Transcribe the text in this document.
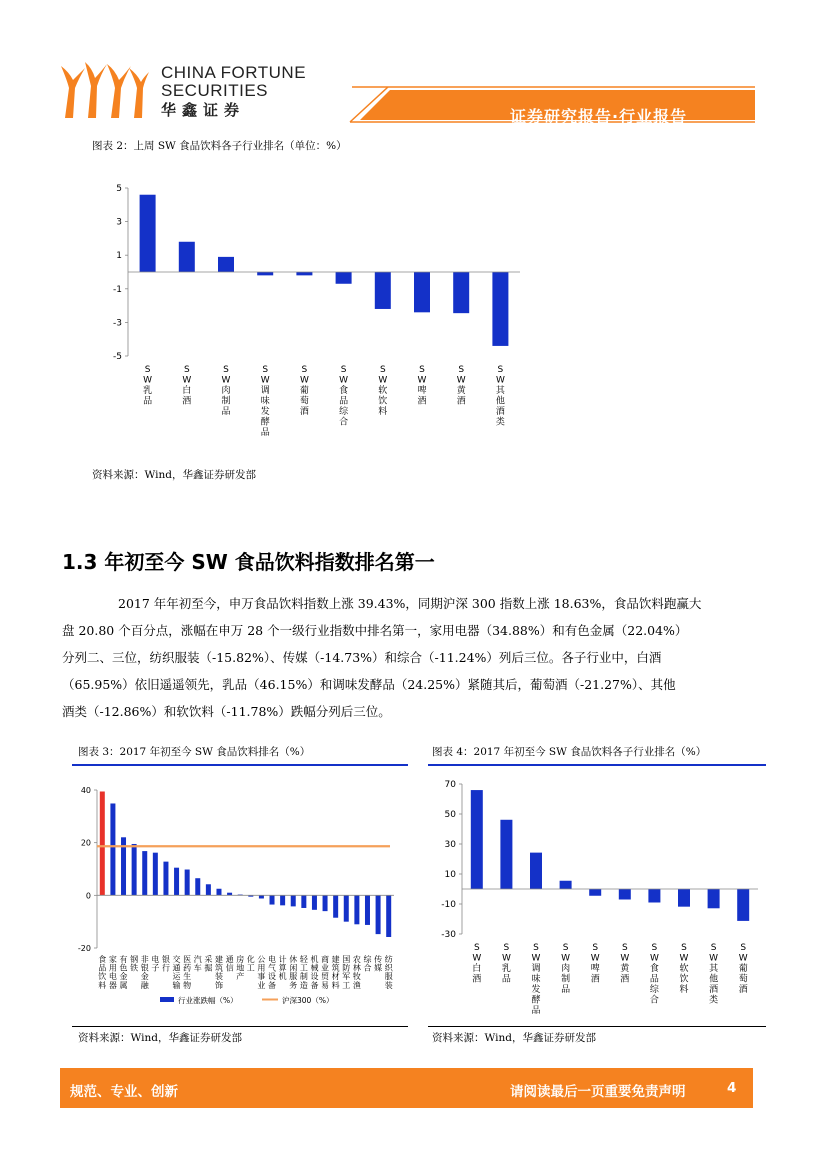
CHINA FORTUNE
SECURITIES
华鑫证券	证券研究报告·行业报告
图表 2：上周 SW 食品饮料各子行业排名（单位：%）
5
3
1
-1
-3
-5
S
W
乳
品
S
W
白
酒
S
W
肉
制
品
S
W
调
味
发
酵
品
S
W
葡
萄
酒
S
W
食
品
综
合
S
W
软
饮
料
S
W
啤
酒
S
W
黄
酒
S
W
其
他
酒
类
资料来源：Wind，华鑫证券研发部
1.3 年初至今 SW 食品饮料指数排名第一
2017 年年初至今，申万食品饮料指数上涨 39.43%，同期沪深 300 指数上涨 18.63%，食品饮料跑赢大
盘 20.80 个百分点，涨幅在申万 28 个一级行业指数中排名第一，家用电器（34.88%）和有色金属（22.04%）
分列二、三位，纺织服装（-15.82%）、传媒（-14.73%）和综合（-11.24%）列后三位。各子行业中，白酒
（65.95%）依旧遥遥领先，乳品（46.15%）和调味发酵品（24.25%）紧随其后，葡萄酒（-21.27%）、其他
酒类（-12.86%）和软饮料（-11.78%）跌幅分列后三位。
图表 3：2017 年初至今 SW 食品饮料排名（%）
40
20
0
-20
食
品
饮
料
家
用
电
器
有
色
金
属
钢
铁
非
银
金
融
电
子
银
行
交
通
运
输
医
药
生
物
汽
车
采
掘
建
筑
装
饰
通
信
房
地
产
化
工
公
用
事
业
电
气
设
备
计
算
机
休
闲
服
务
轻
工
制
造
机
械
设
备
商
业
贸
易
建
筑
材
料
国
防
军
工
农
林
牧
渔
综
合
传
媒
纺
织
服
装
行业涨跌幅（%）	沪深300（%）
资料来源：Wind，华鑫证券研发部
图表 4：2017 年初至今 SW 食品饮料各子行业排名（%）
70
50
30
10
-10
-30
S
W
白
酒
S
W
乳
品
S
W
调
味
发
酵
品
S
W
肉
制
品
S
W
啤
酒
S
W
黄
酒
S
W
食
品
综
合
S
W
软
饮
料
S
W
其
他
酒
类
S
W
葡
萄
酒
资料来源：Wind，华鑫证券研发部
规范、专业、创新	请阅读最后一页重要免责声明	4
